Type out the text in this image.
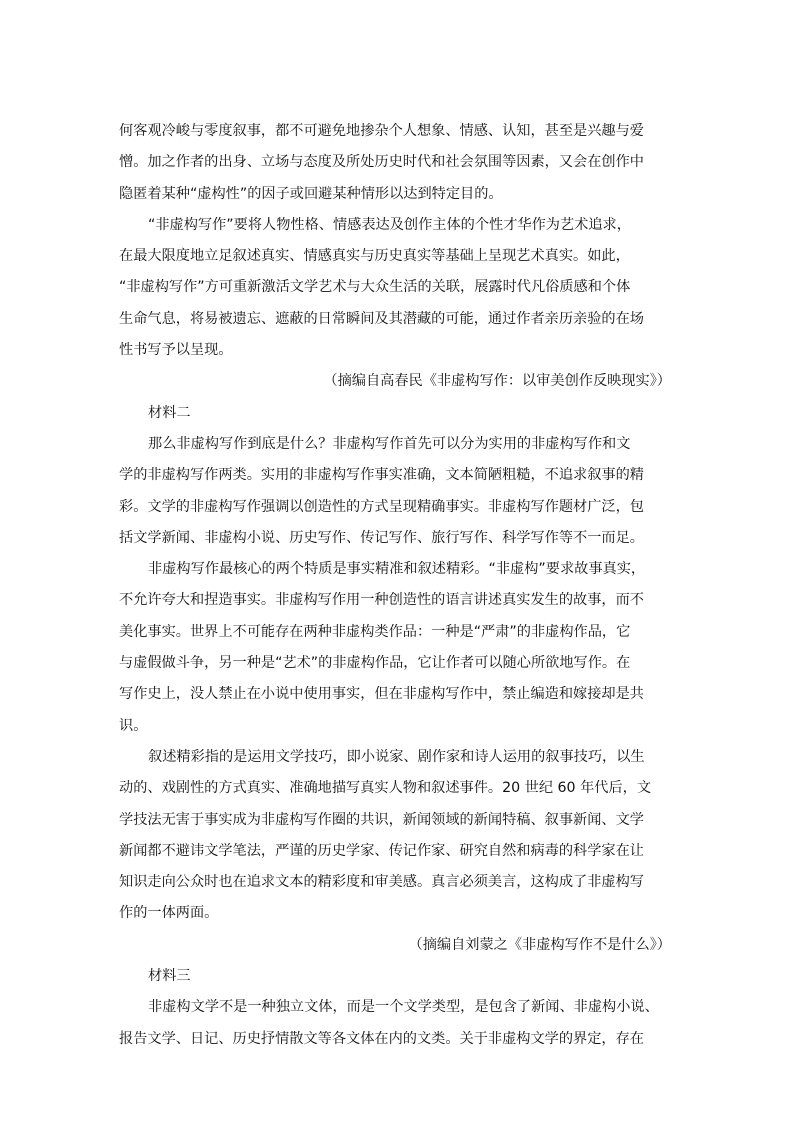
何客观冷峻与零度叙事，都不可避免地掺杂个人想象、情感、认知，甚至是兴趣与爱
憎。加之作者的出身、立场与态度及所处历史时代和社会氛围等因素，又会在创作中
隐匿着某种“虚构性”的因子或回避某种情形以达到特定目的。
“非虚构写作”要将人物性格、情感表达及创作主体的个性才华作为艺术追求，
在最大限度地立足叙述真实、情感真实与历史真实等基础上呈现艺术真实。如此，
“非虚构写作”方可重新激活文学艺术与大众生活的关联，展露时代凡俗质感和个体
生命气息，将易被遗忘、遮蔽的日常瞬间及其潜藏的可能，通过作者亲历亲验的在场
性书写予以呈现。
（摘编自高春民《非虚构写作：以审美创作反映现实》）
材料二
那么非虚构写作到底是什么？非虚构写作首先可以分为实用的非虚构写作和文
学的非虚构写作两类。实用的非虚构写作事实准确，文本简陋粗糙，不追求叙事的精
彩。文学的非虚构写作强调以创造性的方式呈现精确事实。非虚构写作题材广泛，包
括文学新闻、非虚构小说、历史写作、传记写作、旅行写作、科学写作等不一而足。
非虚构写作最核心的两个特质是事实精准和叙述精彩。“非虚构”要求故事真实，
不允许夸大和捏造事实。非虚构写作用一种创造性的语言讲述真实发生的故事，而不
美化事实。世界上不可能存在两种非虚构类作品：一种是“严肃”的非虚构作品，它
与虚假做斗争，另一种是“艺术”的非虚构作品，它让作者可以随心所欲地写作。在
写作史上，没人禁止在小说中使用事实，但在非虚构写作中，禁止编造和嫁接却是共
识。
叙述精彩指的是运用文学技巧，即小说家、剧作家和诗人运用的叙事技巧，以生
动的、戏剧性的方式真实、准确地描写真实人物和叙述事件。20 世纪 60 年代后，文
学技法无害于事实成为非虚构写作圈的共识，新闻领域的新闻特稿、叙事新闻、文学
新闻都不避讳文学笔法，严谨的历史学家、传记作家、研究自然和病毒的科学家在让
知识走向公众时也在追求文本的精彩度和审美感。真言必须美言，这构成了非虚构写
作的一体两面。
（摘编自刘蒙之《非虚构写作不是什么》）
材料三
非虚构文学不是一种独立文体，而是一个文学类型，是包含了新闻、非虚构小说、
报告文学、日记、历史抒情散文等各文体在内的文类。关于非虚构文学的界定，存在
